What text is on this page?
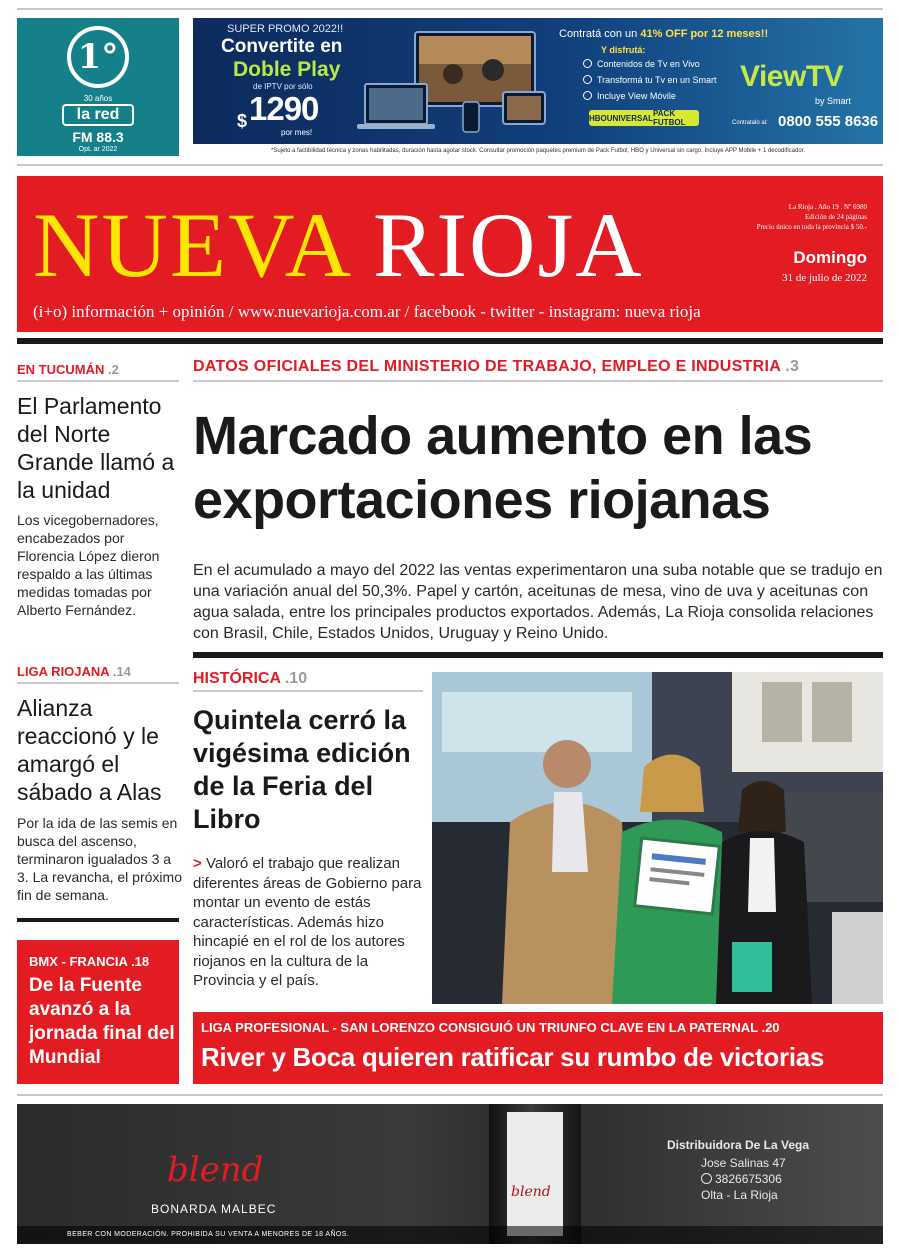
1°
30 años
la red
FM 88.3
OpL ar 2022
SUPER PROMO 2022!!
Convertite en
Doble Play
de IPTV por sólo
$ 1290
por mes!
Contratá con un 41% OFF por 12 meses!!
Y disfrutá:
Contenidos de Tv en Vivo
Transformá tu Tv en un Smart
Incluye View Móvile
HBO UNIVERSAL PACK FUTBOL
ViewTV
by Smart
Contratalo al: 0800 555 8636
*Sujeto a factibilidad técnica y zonas habilitadas, duración hasta agotar stock. Consultar promoción paquetes premium de Pack Futbol, HBO y Universal sin cargo. Incluye APP Mobile + 1 decodificador.
NUEVA RIOJA	La Rioja . Año 19 . Nº 6980
Edición de 24 páginas
Precio único en toda la provincia $ 50.-
Domingo
31 de julio de 2022
(i+o) información + opinión / www.nuevarioja.com.ar / facebook - twitter - instagram: nueva rioja
EN TUCUMÁN .2
El Parlamento del Norte Grande llamó a la unidad
Los vicegobernadores, encabezados por Florencia López dieron respaldo a las últimas medidas tomadas por Alberto Fernández.
LIGA RIOJANA .14
Alianza reaccionó y le amargó el sábado a Alas
Por la ida de las semis en busca del ascenso, terminaron igualados 3 a 3. La revancha, el próximo fin de semana.
BMX - FRANCIA .18
De la Fuente avanzó a la jornada final del Mundial
DATOS OFICIALES DEL MINISTERIO DE TRABAJO, EMPLEO E INDUSTRIA .3
Marcado aumento en las exportaciones riojanas
En el acumulado a mayo del 2022 las ventas experimentaron una suba notable que se tradujo en una variación anual del 50,3%. Papel y cartón, aceitunas de mesa, vino de uva y aceitunas con agua salada, entre los principales productos exportados. Además, La Rioja consolida relaciones con Brasil, Chile, Estados Unidos, Uruguay y Reino Unido.
HISTÓRICA .10
Quintela cerró la vigésima edición de la Feria del Libro
> Valoró el trabajo que realizan diferentes áreas de Gobierno para montar un evento de estás características. Además hizo hincapié en el rol de los autores riojanos en la cultura de la Provincia y el país.
LIGA PROFESIONAL - SAN LORENZO CONSIGUIÓ UN TRIUNFO CLAVE EN LA PATERNAL .20
River y Boca quieren ratificar su rumbo de victorias
blend
BONARDA MALBEC
blend
Distribuidora De La Vega
Jose Salinas 47
3826675306
Olta - La Rioja
BEBER CON MODERACIÓN. PROHIBIDA SU VENTA A MENORES DE 18 AÑOS.
